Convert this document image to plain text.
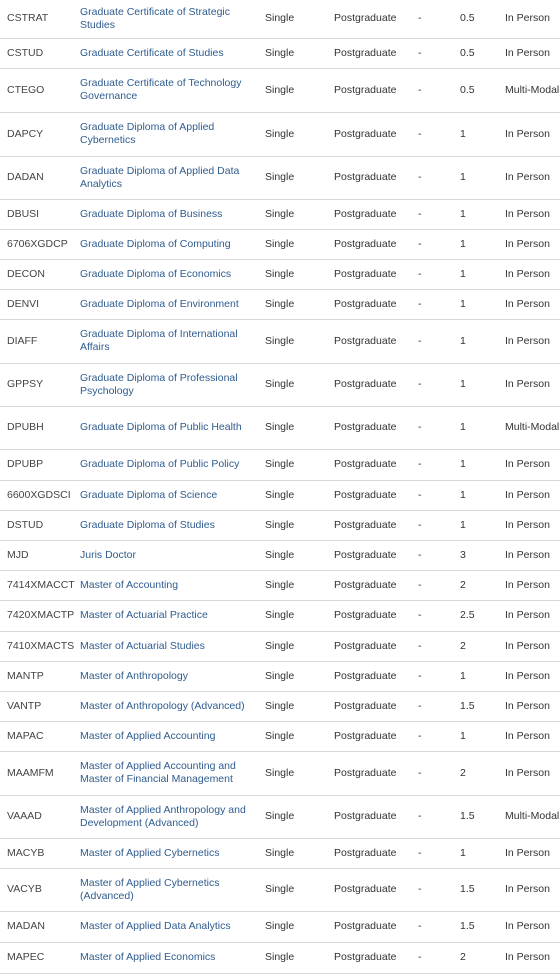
CSTRAT	Graduate Certificate of Strategic Studies	Single	Postgraduate	-	0.5	In Person
CSTUD	Graduate Certificate of Studies	Single	Postgraduate	-	0.5	In Person
CTEGO	Graduate Certificate of Technology Governance	Single	Postgraduate	-	0.5	Multi-Modal
DAPCY	Graduate Diploma of Applied Cybernetics	Single	Postgraduate	-	1	In Person
DADAN	Graduate Diploma of Applied Data Analytics	Single	Postgraduate	-	1	In Person
DBUSI	Graduate Diploma of Business	Single	Postgraduate	-	1	In Person
6706XGDCP	Graduate Diploma of Computing	Single	Postgraduate	-	1	In Person
DECON	Graduate Diploma of Economics	Single	Postgraduate	-	1	In Person
DENVI	Graduate Diploma of Environment	Single	Postgraduate	-	1	In Person
DIAFF	Graduate Diploma of International Affairs	Single	Postgraduate	-	1	In Person
GPPSY	Graduate Diploma of Professional Psychology	Single	Postgraduate	-	1	In Person
DPUBH	Graduate Diploma of Public Health	Single	Postgraduate	-	1	Multi-Modal
DPUBP	Graduate Diploma of Public Policy	Single	Postgraduate	-	1	In Person
6600XGDSCI	Graduate Diploma of Science	Single	Postgraduate	-	1	In Person
DSTUD	Graduate Diploma of Studies	Single	Postgraduate	-	1	In Person
MJD	Juris Doctor	Single	Postgraduate	-	3	In Person
7414XMACCT	Master of Accounting	Single	Postgraduate	-	2	In Person
7420XMACTP	Master of Actuarial Practice	Single	Postgraduate	-	2.5	In Person
7410XMACTS	Master of Actuarial Studies	Single	Postgraduate	-	2	In Person
MANTP	Master of Anthropology	Single	Postgraduate	-	1	In Person
VANTP	Master of Anthropology (Advanced)	Single	Postgraduate	-	1.5	In Person
MAPAC	Master of Applied Accounting	Single	Postgraduate	-	1	In Person
MAAMFM	Master of Applied Accounting and Master of Financial Management	Single	Postgraduate	-	2	In Person
VAAAD	Master of Applied Anthropology and Development (Advanced)	Single	Postgraduate	-	1.5	Multi-Modal
MACYB	Master of Applied Cybernetics	Single	Postgraduate	-	1	In Person
VACYB	Master of Applied Cybernetics (Advanced)	Single	Postgraduate	-	1.5	In Person
MADAN	Master of Applied Data Analytics	Single	Postgraduate	-	1.5	In Person
MAPEC	Master of Applied Economics	Single	Postgraduate	-	2	In Person
